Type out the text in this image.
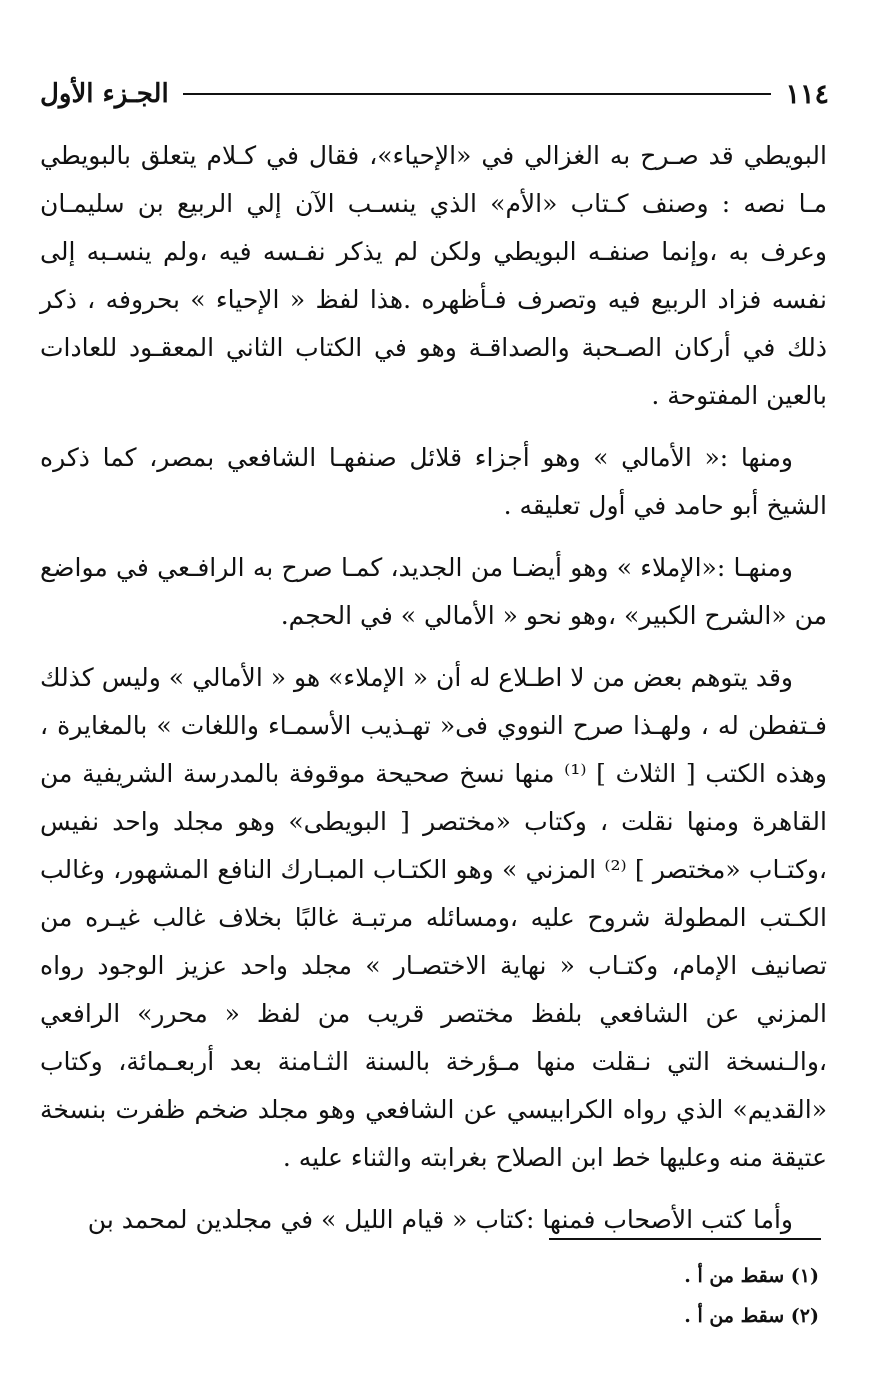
١١٤
الجـزء الأول

البويطي قد صـرح به الغزالي في «الإحياء»، فقال في كـلام يتعلق بالبويطي مـا نصه : وصنف كـتاب «الأم» الذي ينسـب الآن إلي الربيع بن سليمـان وعرف به ،وإنما صنفـه البويطي ولكن لم يذكر نفـسه فيه ،ولم ينسـبه إلى نفسه فزاد الربيع فيه وتصرف فـأظهره .هذا لفظ « الإحياء » بحروفه ، ذكر ذلك في أركان الصـحبة والصداقـة وهو في الكتاب الثاني المعقـود للعادات بالعين المفتوحة .

ومنها :« الأمالي » وهو أجزاء قلائل صنفهـا الشافعي بمصر، كما ذكره الشيخ أبو حامد في أول تعليقه .

ومنهـا :«الإملاء » وهو أيضـا من الجديد، كمـا صرح به الرافـعي في مواضع من «الشرح الكبير» ،وهو نحو « الأمالي » في الحجم.

وقد يتوهم بعض من لا اطـلاع له أن « الإملاء» هو « الأمالي » وليس كذلك فـتفطن له ، ولهـذا صرح النووي فى« تهـذيب الأسمـاء واللغات » بالمغايرة ، وهذه الكتب [ الثلاث ] ⁽¹⁾ منها نسخ صحيحة موقوفة بالمدرسة الشريفية من القاهرة ومنها نقلت ، وكتاب «مختصر [ البويطى» وهو مجلد واحد نفيس ،وكتـاب «مختصر ] ⁽²⁾ المزني » وهو الكتـاب المبـارك النافع المشهور، وغالب الكـتب المطولة شروح عليه ،ومسائله مرتبـة غالبًا بخلاف غالب غيـره من تصانيف الإمام، وكتـاب « نهاية الاختصـار » مجلد واحد عزيز الوجود رواه المزني عن الشافعي بلفظ مختصر قريب من لفظ « محرر» الرافعي ،والـنسخة التي نـقلت منها مـؤرخة بالسنة الثـامنة بعد أربعـمائة، وكتاب «القديم» الذي رواه الكرابيسي عن الشافعي وهو مجلد ضخم ظفرت بنسخة عتيقة منه وعليها خط ابن الصلاح بغرابته والثناء عليه .

وأما كتب الأصحاب فمنها :كتاب « قيام الليل » في مجلدين لمحمد بن

(١) سقط من أ .

(٢) سقط من أ .
